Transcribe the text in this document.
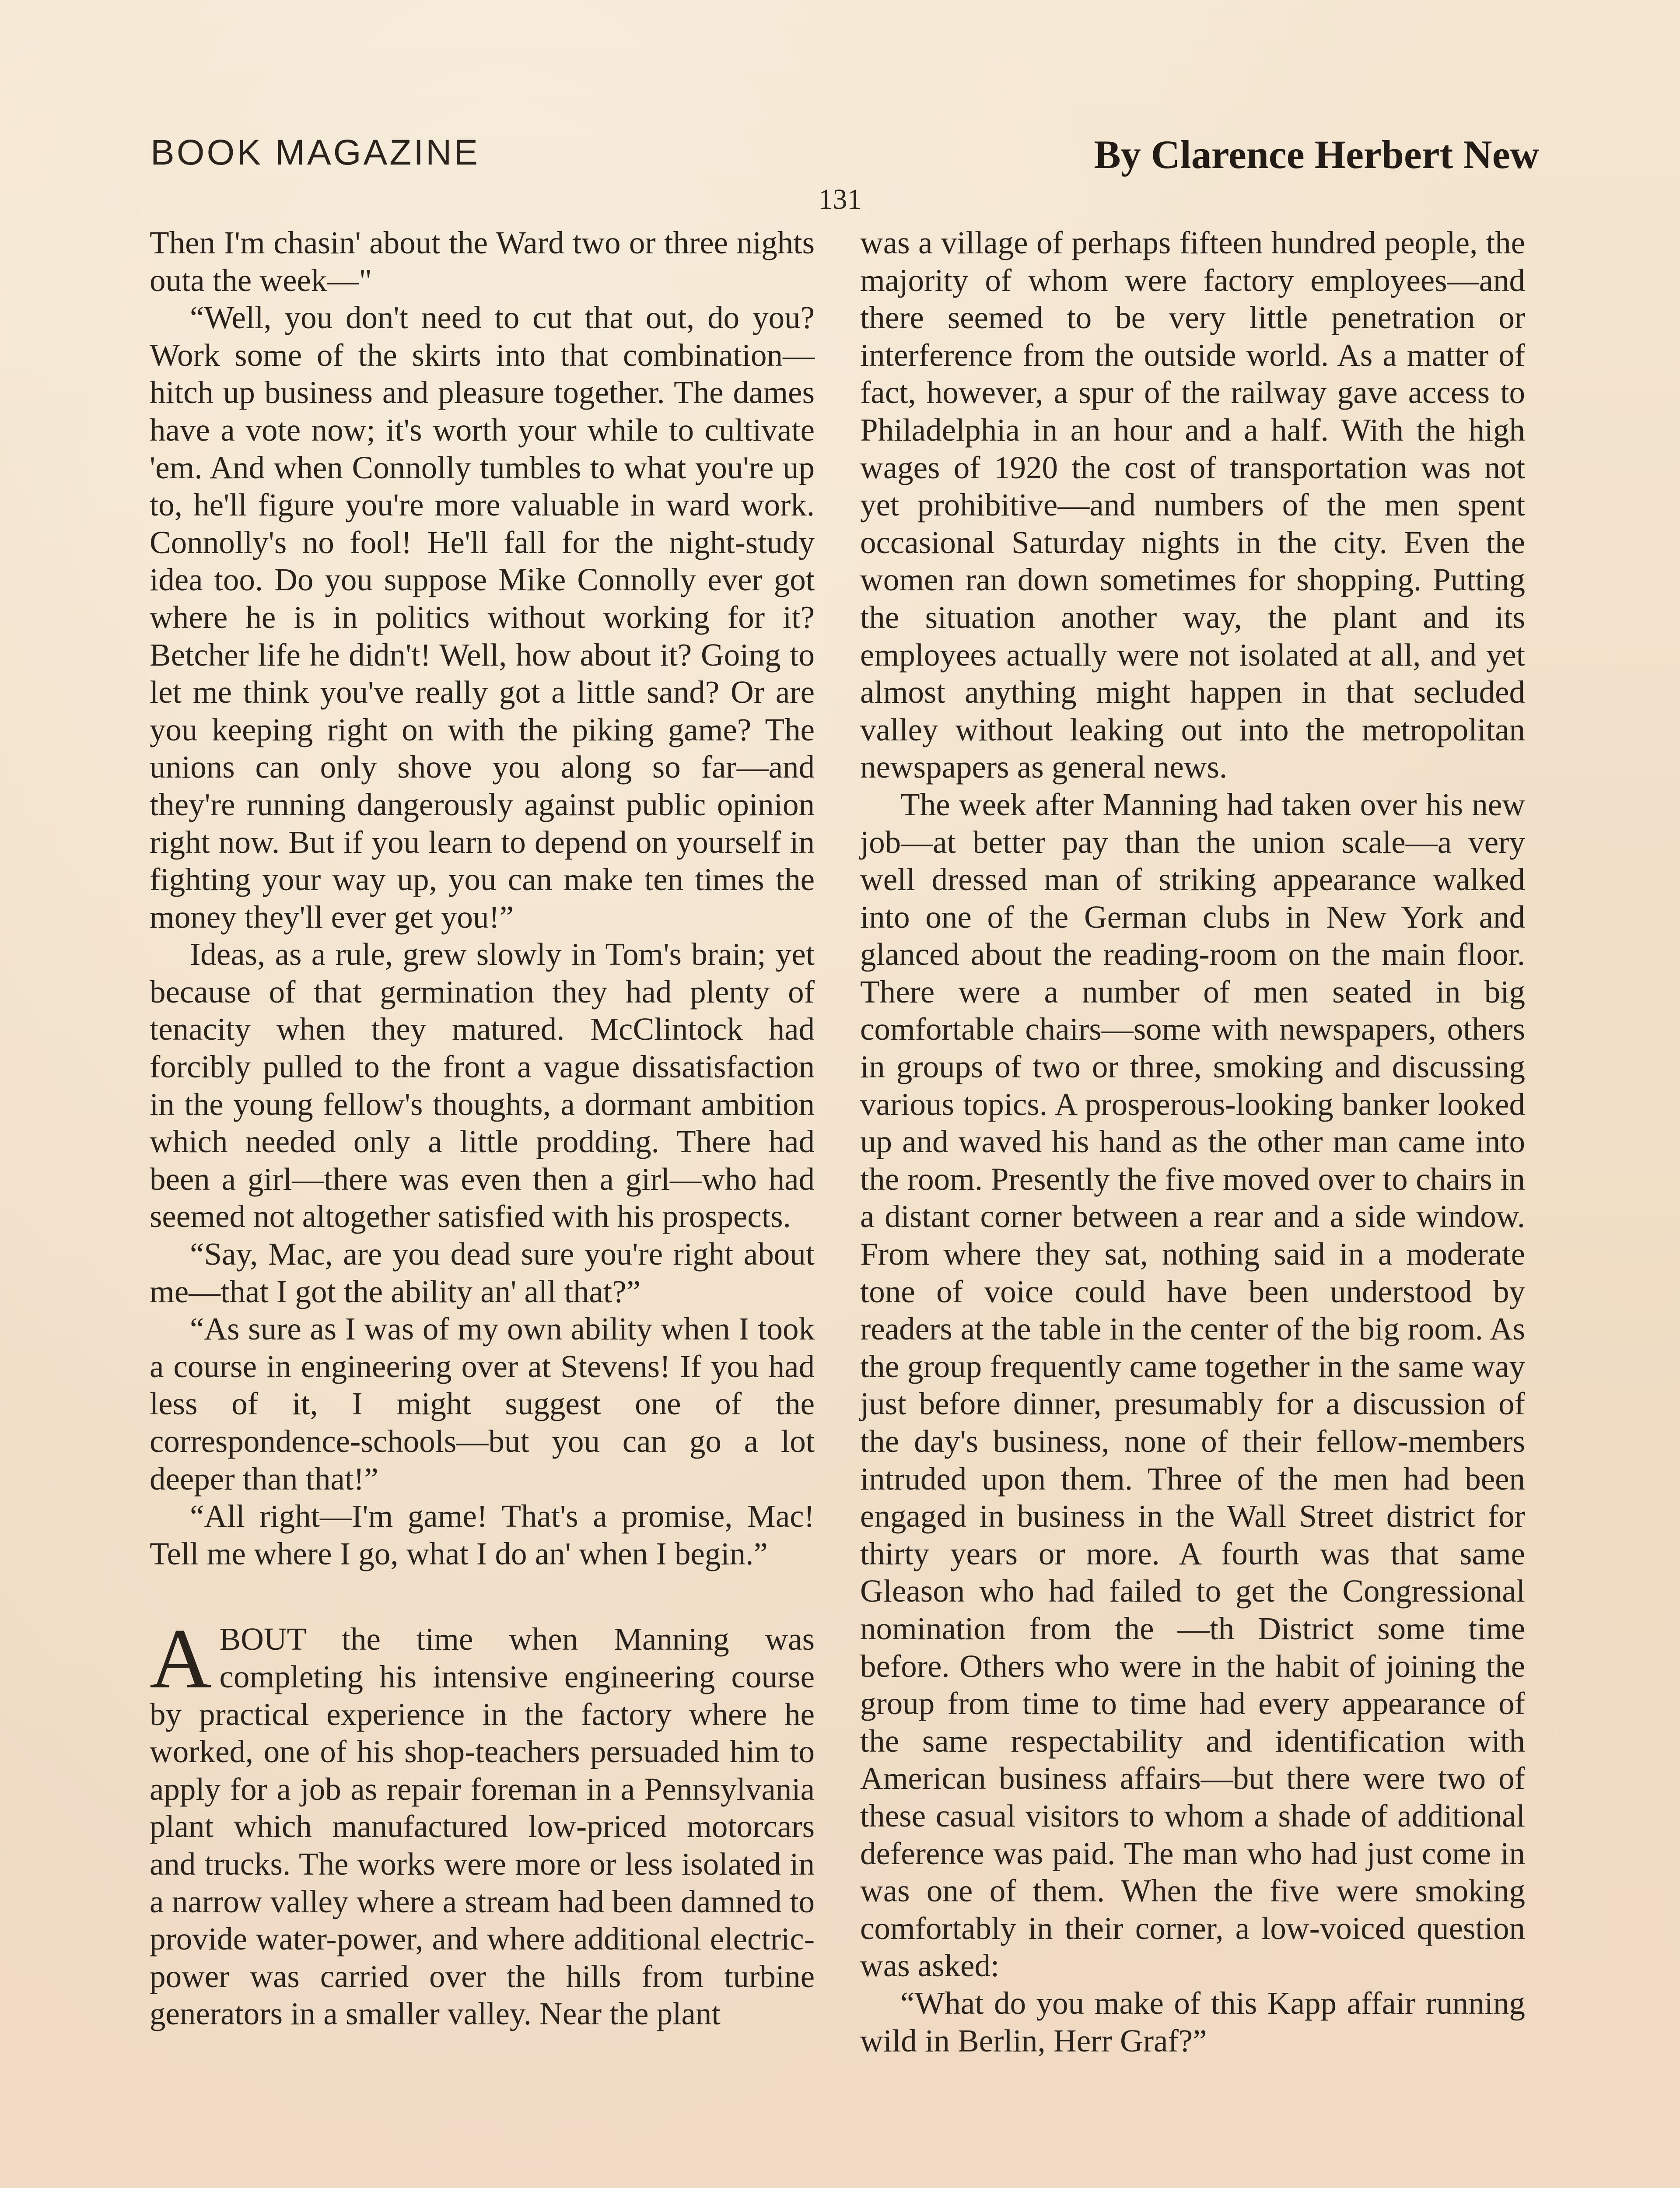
BOOK MAGAZINE	By Clarence Herbert New
131

Then I'm chasin' about the Ward two or three nights outa the week—"

“Well, you don't need to cut that out, do you? Work some of the skirts into that combination—hitch up business and pleasure together. The dames have a vote now; it's worth your while to cultivate 'em. And when Connolly tumbles to what you're up to, he'll figure you're more valuable in ward work. Connolly's no fool! He'll fall for the night-study idea too. Do you suppose Mike Connolly ever got where he is in politics without working for it? Betcher life he didn't! Well, how about it? Going to let me think you've really got a little sand? Or are you keeping right on with the piking game? The unions can only shove you along so far—and they're running dangerously against public opinion right now. But if you learn to depend on yourself in fighting your way up, you can make ten times the money they'll ever get you!”

Ideas, as a rule, grew slowly in Tom's brain; yet because of that germination they had plenty of tenacity when they matured. McClintock had forcibly pulled to the front a vague dissatisfaction in the young fellow's thoughts, a dormant ambition which needed only a little prodding. There had been a girl—there was even then a girl—who had seemed not altogether satisfied with his prospects.

“Say, Mac, are you dead sure you're right about me—that I got the ability an' all that?”

“As sure as I was of my own ability when I took a course in engineering over at Stevens! If you had less of it, I might suggest one of the correspondence-schools—but you can go a lot deeper than that!”

“All right—I'm game! That's a promise, Mac! Tell me where I go, what I do an' when I begin.”

ABOUT the time when Manning was completing his intensive engineering course by practical experience in the factory where he worked, one of his shop-teachers persuaded him to apply for a job as repair foreman in a Pennsylvania plant which manufactured low-priced motorcars and trucks. The works were more or less isolated in a narrow valley where a stream had been damned to provide water-power, and where additional electric-power was carried over the hills from turbine generators in a smaller valley. Near the plant

was a village of perhaps fifteen hundred people, the majority of whom were factory employees—and there seemed to be very little penetration or interference from the outside world. As a matter of fact, however, a spur of the railway gave access to Philadelphia in an hour and a half. With the high wages of 1920 the cost of transportation was not yet prohibitive—and numbers of the men spent occasional Saturday nights in the city. Even the women ran down sometimes for shopping. Putting the situation another way, the plant and its employees actually were not isolated at all, and yet almost anything might happen in that secluded valley without leaking out into the metropolitan newspapers as general news.

The week after Manning had taken over his new job—at better pay than the union scale—a very well dressed man of striking appearance walked into one of the German clubs in New York and glanced about the reading-room on the main floor. There were a number of men seated in big comfortable chairs—some with newspapers, others in groups of two or three, smoking and discussing various topics. A prosperous-looking banker looked up and waved his hand as the other man came into the room. Presently the five moved over to chairs in a distant corner between a rear and a side window. From where they sat, nothing said in a moderate tone of voice could have been understood by readers at the table in the center of the big room. As the group frequently came together in the same way just before dinner, presumably for a discussion of the day's business, none of their fellow-members intruded upon them. Three of the men had been engaged in business in the Wall Street district for thirty years or more. A fourth was that same Gleason who had failed to get the Congressional nomination from the —th District some time before. Others who were in the habit of joining the group from time to time had every appearance of the same respectability and identification with American business affairs—but there were two of these casual visitors to whom a shade of additional deference was paid. The man who had just come in was one of them. When the five were smoking comfortably in their corner, a low-voiced question was asked:

“What do you make of this Kapp affair running wild in Berlin, Herr Graf?”
